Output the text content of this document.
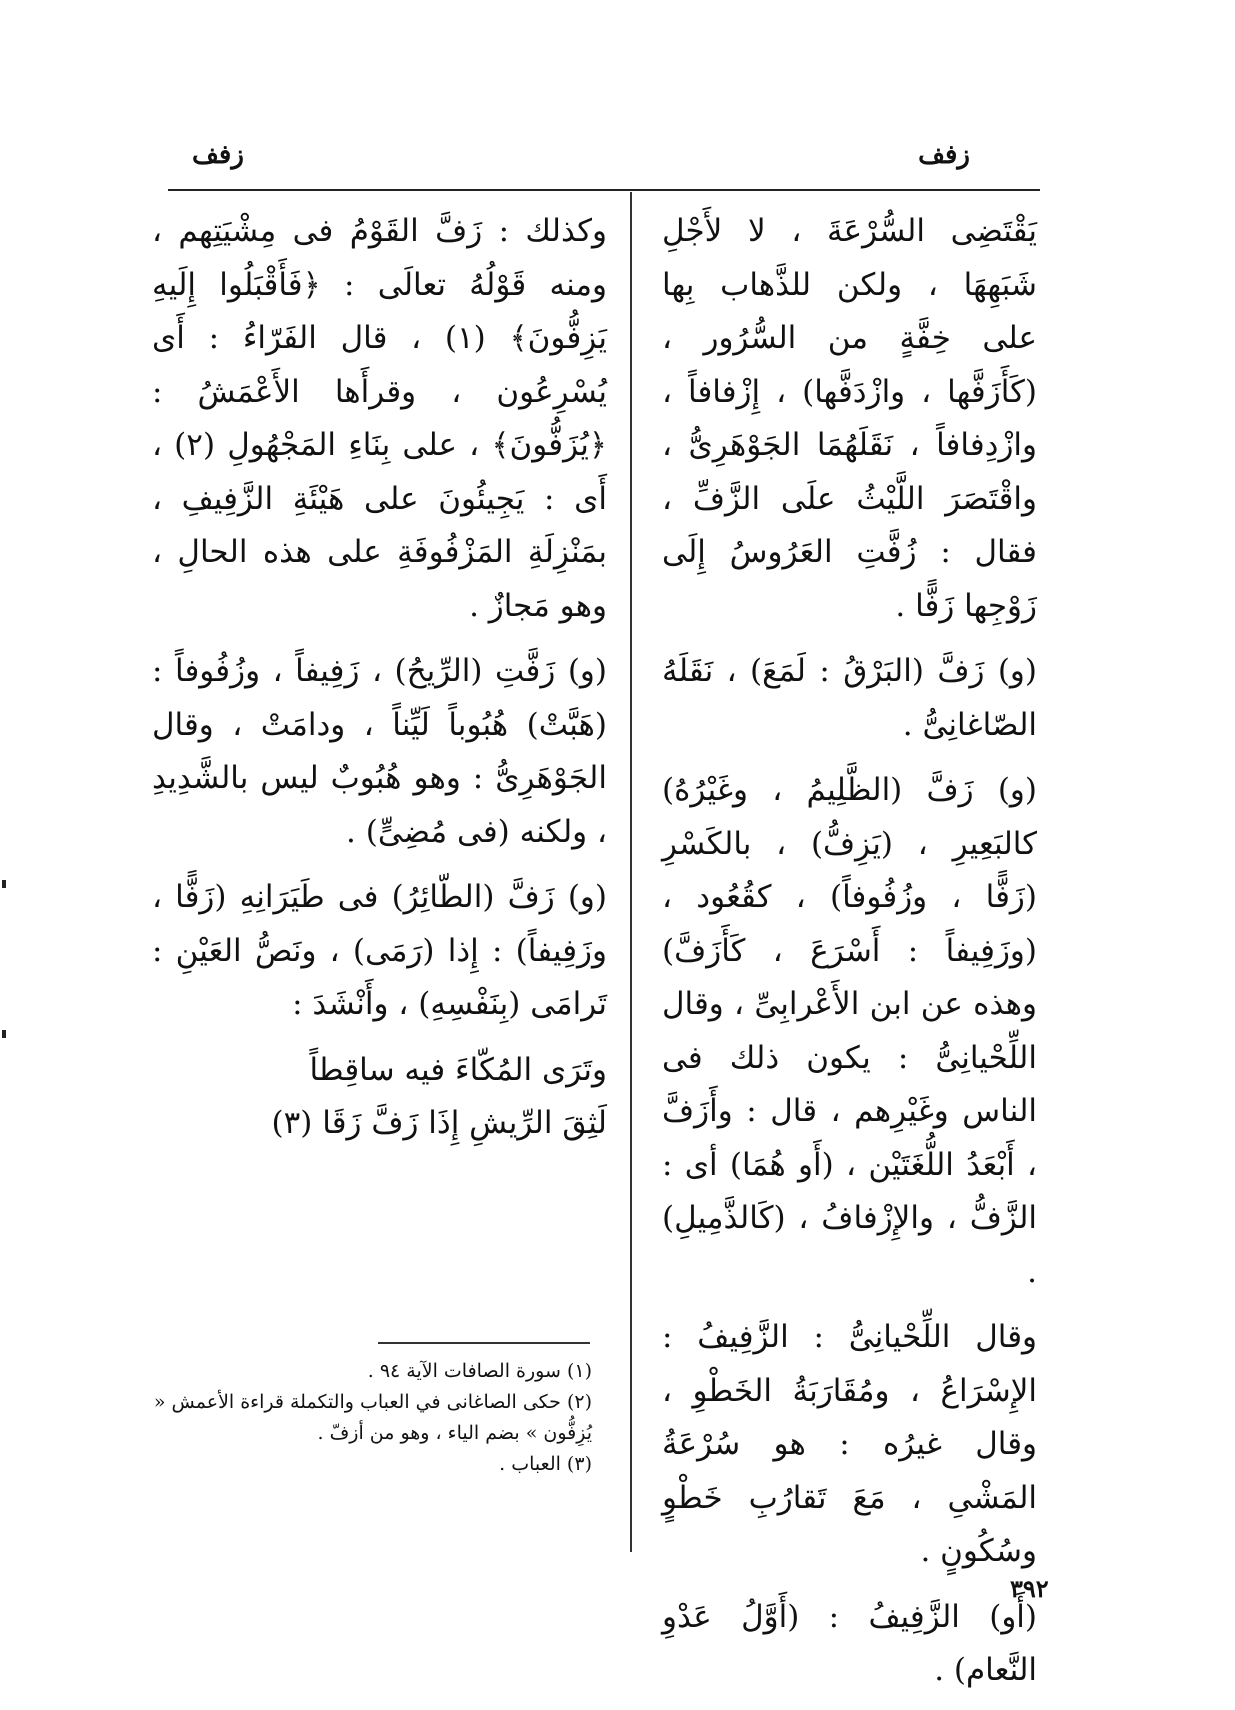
زفف	زفف

يَقْتَضِى السُّرْعَةَ ، لا لأَجْلِ شَبَهِهَا ، ولكن للذَّهاب بِها على خِفَّةٍ من السُّرُور ، (كَأَزَفَّها ، وازْدَفَّها) ، إِزْفافاً ، وازْدِفافاً ، نَقَلَهُمَا الجَوْهَرِىُّ ، واقْتَصَرَ اللَّيْثُ علَى الزَّفِّ ، فقال : زُفَّتِ العَرُوسُ إِلَى زَوْجِها زَفًّا .

(و) زَفَّ (البَرْقُ : لَمَعَ) ، نَقَلَهُ الصّاغانِىُّ .

(و) زَفَّ (الظَّلِيمُ ، وغَيْرُهُ) كالبَعِيرِ ، (يَزِفُّ) ، بالكَسْرِ (زَفًّا ، وزُفُوفاً) ، كقُعُود ، (وزَفِيفاً : أَسْرَعَ ، كَأَزَفَّ) وهذه عن ابن الأَعْرابِىِّ ، وقال اللِّحْيانِىُّ : يكون ذلك فى الناس وغَيْرِهم ، قال : وأَزَفَّ ، أَبْعَدُ اللُّغَتَيْن ، (أَو هُمَا) أى : الزَّفُّ ، والإِزْفافُ ، (كَالذَّمِيلِ) .

وقال اللِّحْيانِىُّ : الزَّفِيفُ : الإِسْرَاعُ ، ومُقَارَبَةُ الخَطْوِ ، وقال غيرُه : هو سُرْعَةُ المَشْىِ ، مَعَ تَقارُبِ خَطْوٍ وسُكُونٍ .

(أَو) الزَّفِيفُ : (أَوَّلُ عَدْوِ النَّعام) .

وكذلك : زَفَّ القَوْمُ فى مِشْيَتِهم ، ومنه قَوْلُهُ تعالَى : ﴿فَأَقْبَلُوا إِلَيهِ يَزِفُّونَ﴾ (١) ، قال الفَرّاءُ : أَى يُسْرِعُون ، وقرأَها الأَعْمَشُ : ﴿يُزَفُّونَ﴾ ، على بِنَاءِ المَجْهُولِ (٢) ، أَى : يَجِيئُونَ على هَيْئَةِ الزَّفِيفِ ، بمَنْزِلَةِ المَزْفُوفَةِ على هذه الحالِ ، وهو مَجازٌ .

(و) زَفَّتِ (الرِّيحُ) ، زَفِيفاً ، وزُفُوفاً : (هَبَّتْ) هُبُوباً لَيِّناً ، ودامَتْ ، وقال الجَوْهَرِىُّ : وهو هُبُوبٌ ليس بالشَّدِيدِ ، ولكنه (فى مُضِىٍّ) .

(و) زَفَّ (الطّائِرُ) فى طَيَرَانِهِ (زَفًّا ، وزَفِيفاً) : إِذا (رَمَى) ، ونَصُّ العَيْنِ : تَرامَى (بِنَفْسِهِ) ، وأَنْشَدَ :

وتَرَى المُكّاءَ فيه ساقِطاً
لَثِقَ الرِّيشِ إِذَا زَفَّ زَقَا (٣)
(١) سورة الصافات الآية ٩٤ .
(٢) حكى الصاغانى في العباب والتكملة قراءة الأعمش « يُزِفُّون » بضم الياء ، وهو من أزفّ .
(٣) العباب .
٣٩٢
